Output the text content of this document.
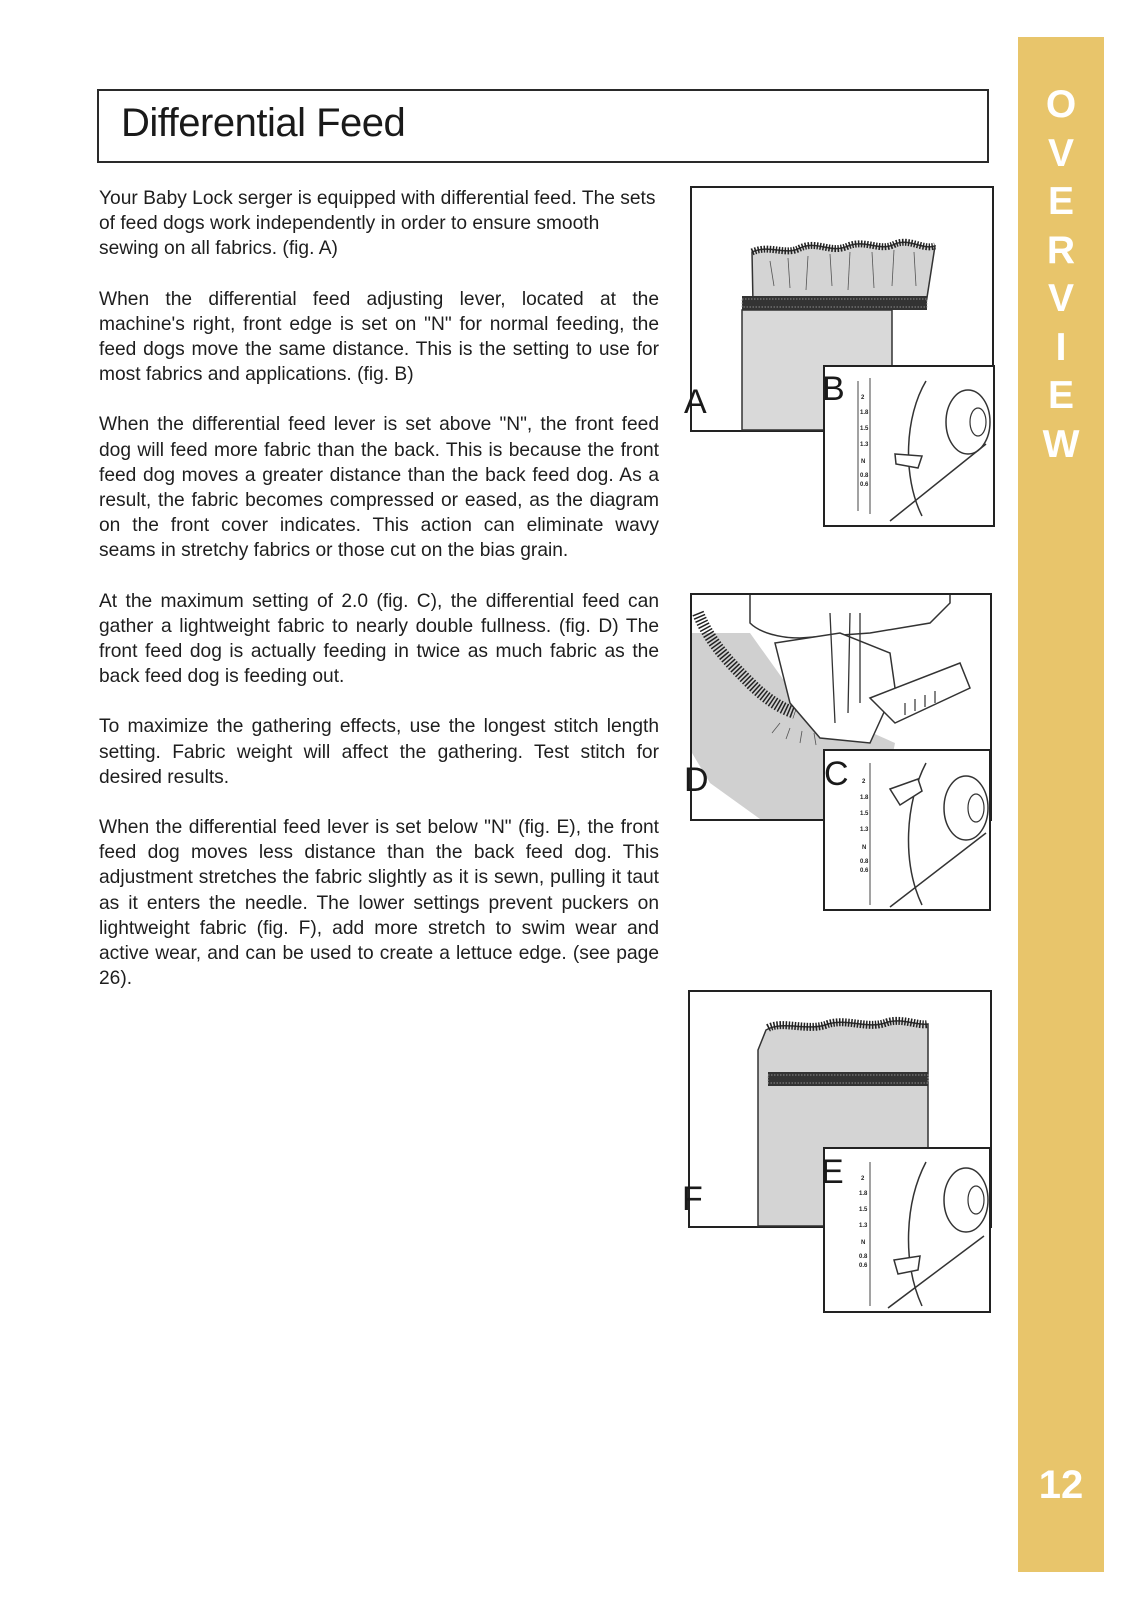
Differential Feed

Your Baby Lock serger is equipped with differential feed. The sets of feed dogs work independently in order to ensure smooth sewing on all fabrics. (fig. A)

When the differential feed adjusting lever, located at the machine's right, front edge is set on "N" for normal feeding, the feed dogs move the same distance. This is the setting to use for most fabrics and applications. (fig. B)

When the differential feed lever is set above "N", the front feed dog will feed more fabric than the back. This is because the front feed dog moves a greater distance than the back feed dog. As a result, the fabric becomes compressed or eased, as the diagram on the front cover indicates. This action can eliminate wavy seams in stretchy fabrics or those cut on the bias grain.

At the maximum setting of 2.0 (fig. C), the differential feed can gather a lightweight fabric to nearly double fullness. (fig. D) The front feed dog is actually feeding in twice as much fabric as the back feed dog is feeding out.

To maximize the gathering effects, use the longest stitch length setting. Fabric weight will affect the gathering. Test stitch for desired results.

When the differential feed lever is set below "N" (fig. E), the front feed dog moves less distance than the back feed dog. This adjustment stretches the fabric slightly as it is sewn, pulling it taut as it enters the needle. The lower settings prevent puckers on lightweight fabric (fig. F), add more stretch to swim wear and active wear, and can be used to create a lettuce edge. (see page 26).

O
V
E
R
V
I
E
W
12
A	B	2
1.8
1.5
1.3
N
0.8
0.6
D	C 2
1.8
1.5
1.3
N
0.8
0.6
F
E	2
1.8
1.5
1.3
N
0.8
0.6
